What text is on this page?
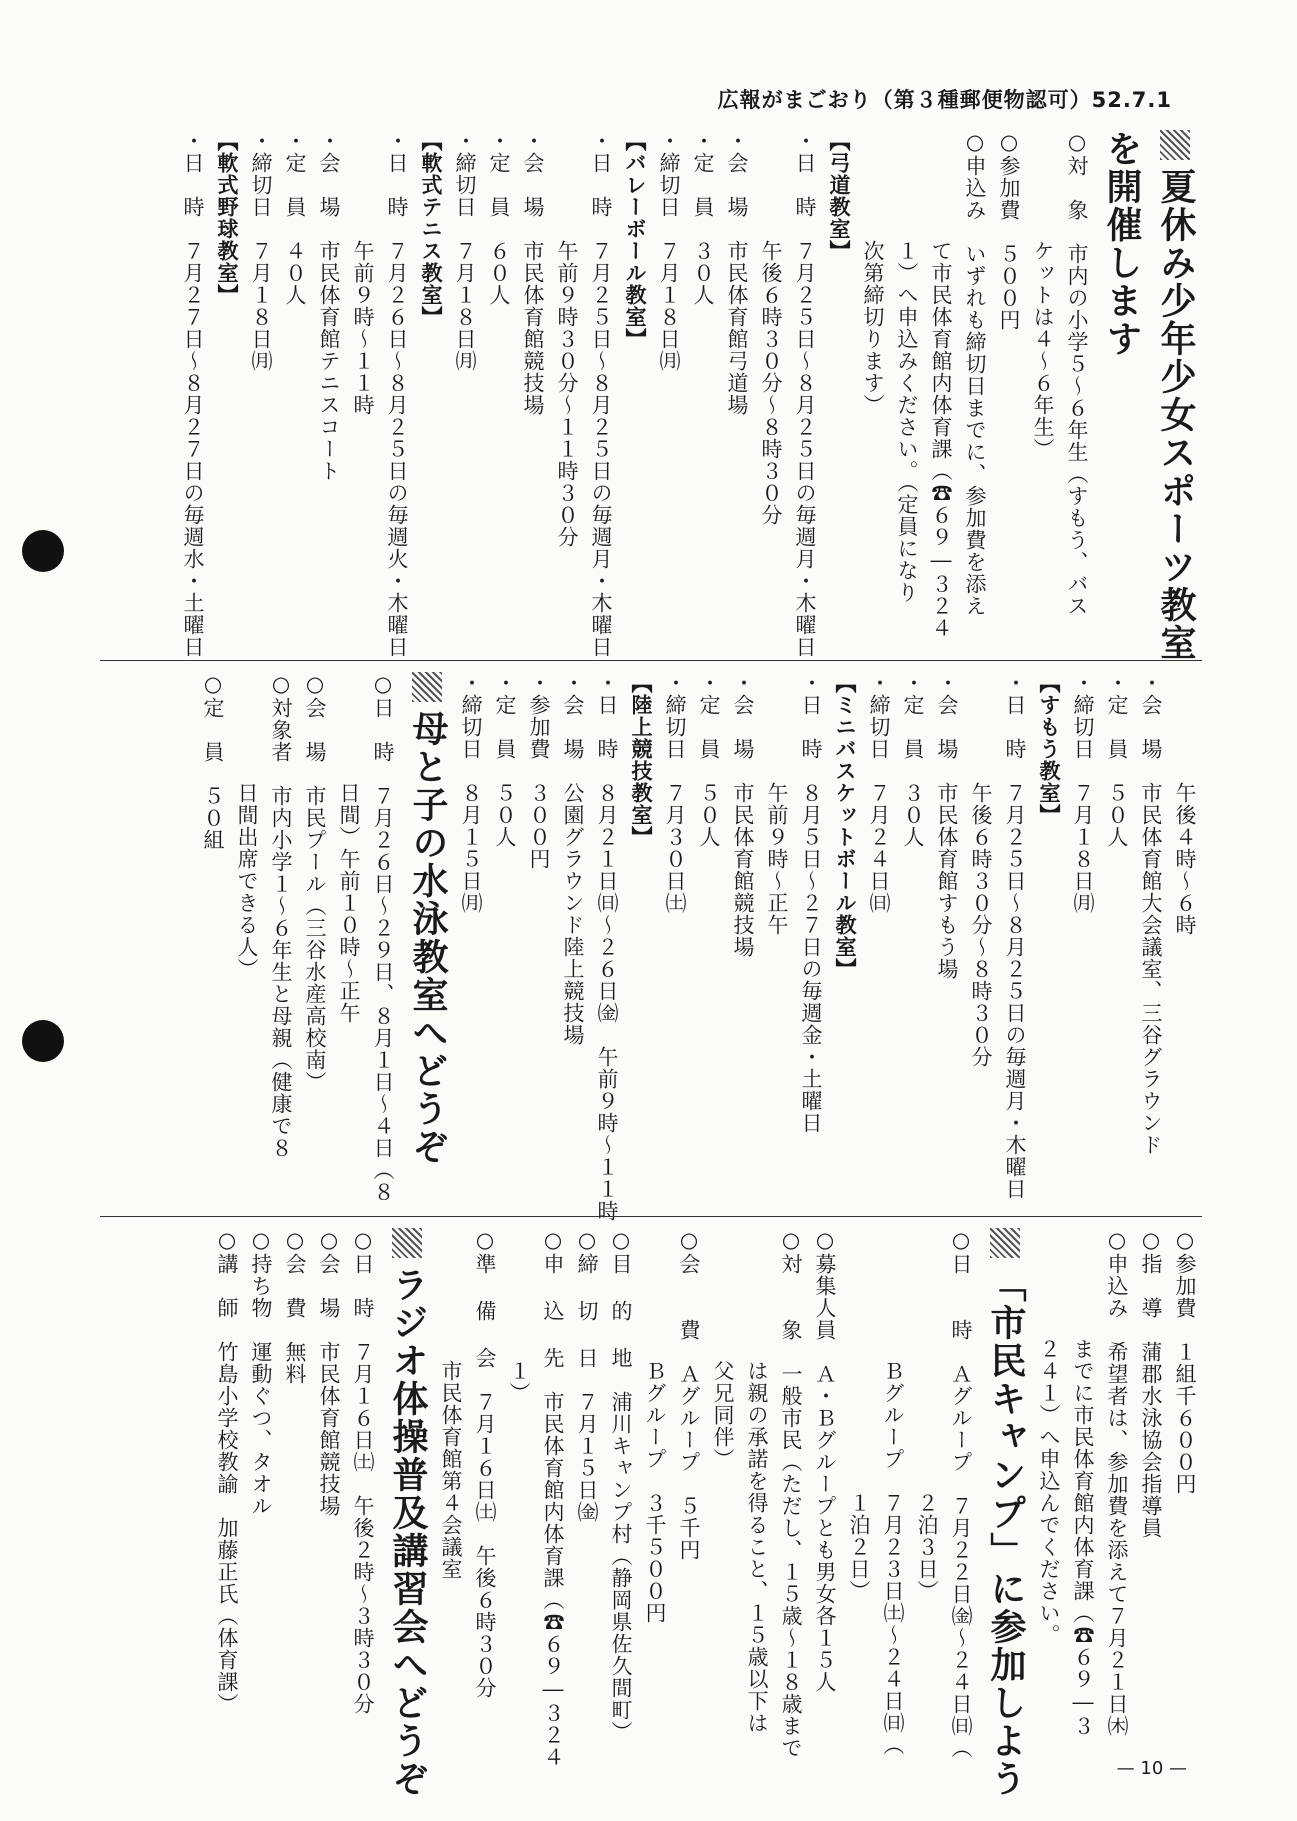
広報がまごおり（第３種郵便物認可）52.7.1
夏休み少年少女スポーツ教室
を開催します
○対　象　市内の小学５～６年生（すもう、バス
　　　　　ケットは４～６年生）
○参加費　５００円
○申込み　いずれも締切日までに、参加費を添え
　　　　　て市民体育館内体育課（☎６９―３２４
　　　　　１）へ申込みください。（定員になり
　　　　　次第締切ります）
【弓道教室】
・日　時　７月２５日～８月２５日の毎週月・木曜日
　　　　　午後６時３０分～８時３０分
・会　場　市民体育館弓道場
・定　員　３０人
・締切日　７月１８日㈪
【バレーボール教室】
・日　時　７月２５日～８月２５日の毎週月・木曜日
　　　　　午前９時３０分～１１時３０分
・会　場　市民体育館競技場
・定　員　６０人
・締切日　７月１８日㈪
【軟式テニス教室】
・日　時　７月２６日～８月２５日の毎週火・木曜日
　　　　　午前９時～１１時
・会　場　市民体育館テニスコート
・定　員　４０人
・締切日　７月１８日㈪
【軟式野球教室】
・日　時　７月２７日～８月２７日の毎週水・土曜日
　　　　　午後４時～６時
・会　場　市民体育館大会議室、三谷グラウンド
・定　員　５０人
・締切日　７月１８日㈪
【すもう教室】
・日　時　７月２５日～８月２５日の毎週月・木曜日
　　　　　午後６時３０分～８時３０分
・会　場　市民体育館すもう場
・定　員　３０人
・締切日　７月２４日㈰
【ミニバスケットボール教室】
・日　時　８月５日～２７日の毎週金・土曜日
　　　　　午前９時～正午
・会　場　市民体育館競技場
・定　員　５０人
・締切日　７月３０日㈯
【陸上競技教室】
・日　時　８月２１日㈰～２６日㈮　午前９時～１１時
・会　場　公園グラウンド陸上競技場
・参加費　３００円
・定　員　５０人
・締切日　８月１５日㈪
母と子の水泳教室へどうぞ
○日　時　７月２６日～２９日、８月１日～４日（８
　　　　　日間）午前１０時～正午
○会　場　市民プール（三谷水産高校南）
○対象者　市内小学１～６年生と母親（健康で８
　　　　　日間出席できる人）
○定　員　５０組
○参加費　１組千６００円
○指　導　蒲郡水泳協会指導員
○申込み　希望者は、参加費を添えて７月２１日㈭
　　　　　までに市民体育館内体育課（☎６９―３
　　　　　２４１）へ申込んでください。
「市民キャンプ」に参加しよう
○日　　時　Ａグループ　７月２２日㈮～２４日㈰（
　　　　　　　　　　　　２泊３日）
　　　　　　Ｂグループ　７月２３日㈯～２４日㈰（
　　　　　　　　　　　　１泊２日）
○募集人員　Ａ・Ｂグループとも男女各１５人
○対　　象　一般市民（ただし、１５歳～１８歳まで
　　　　　　は親の承諾を得ること、１５歳以下は
　　　　　　父兄同伴）
○会　　費　Ａグループ　５千円
　　　　　　Ｂグループ　３千５００円
○目 的 地　浦川キャンプ村（静岡県佐久間町）
○締 切 日　７月１５日㈮
○申 込 先　市民体育館内体育課（☎６９―３２４
　　　　　　１）
○準 備 会　７月１６日㈯　午後６時３０分
　　　　　　市民体育館第４会議室
ラジオ体操普及講習会へどうぞ
○日　時　７月１６日㈯　午後２時～３時３０分
○会　場　市民体育館競技場
○会　費　無料
○持ち物　運動ぐつ、タオル
○講　師　竹島小学校教諭　加藤正氏（体育課）
— 10 —
